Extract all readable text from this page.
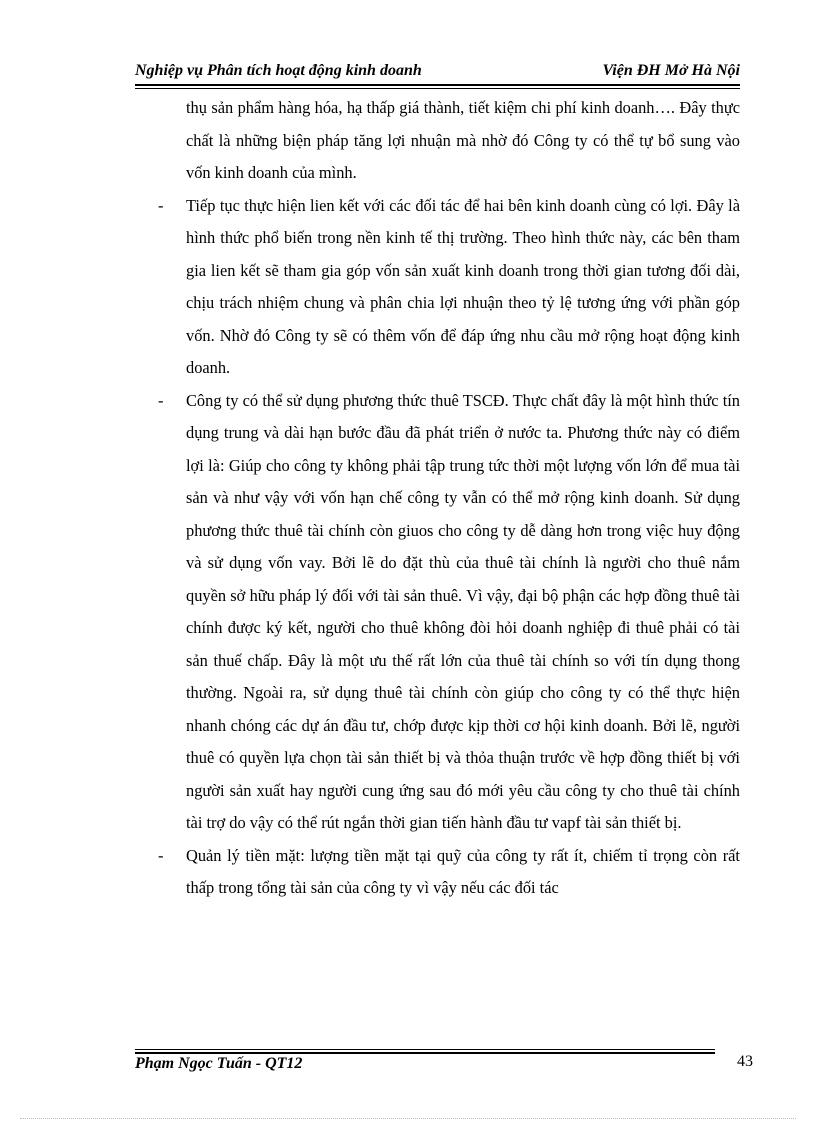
Nghiệp vụ Phân tích hoạt động kinh doanh	Viện ĐH Mở Hà Nội
thụ sản phẩm hàng hóa, hạ thấp giá thành, tiết kiệm chi phí kinh doanh…. Đây thực chất là những biện pháp tăng lợi nhuận mà nhờ đó Công ty có thể tự bổ sung vào vốn kinh doanh của mình.
-	Tiếp tục thực hiện lien kết với các đối tác để hai bên kinh doanh cùng có lợi. Đây là hình thức phổ biến trong nền kinh tế thị trường. Theo hình thức này, các bên tham gia lien kết sẽ tham gia góp vốn sản xuất kinh doanh trong thời gian tương đối dài, chịu trách nhiệm chung và phân chia lợi nhuận theo tỷ lệ tương ứng với phần góp vốn. Nhờ đó Công ty sẽ có thêm vốn để đáp ứng nhu cầu mở rộng hoạt động kinh doanh.
-	Công ty có thể sử dụng phương thức thuê TSCĐ. Thực chất đây là một hình thức tín dụng trung và dài hạn bước đầu đã phát triển ở nước ta. Phương thức này có điểm lợi là: Giúp cho công ty không phải tập trung tức thời một lượng vốn lớn để mua tài sản và như vậy với vốn hạn chế công ty vẫn có thể mở rộng kinh doanh. Sử dụng phương thức thuê tài chính còn giuos cho công ty dễ dàng hơn trong việc huy động và sử dụng vốn vay. Bởi lẽ do đặt thù của thuê tài chính là người cho thuê nắm quyền sở hữu pháp lý đối với tài sản thuê. Vì vậy, đại bộ phận các hợp đồng thuê tài chính được ký kết, người cho thuê không đòi hỏi doanh nghiệp đi thuê phải có tài sản thuế chấp. Đây là một ưu thế rất lớn của thuê tài chính so với tín dụng thong thường. Ngoài ra, sử dụng thuê tài chính còn giúp cho công ty có thể thực hiện nhanh chóng các dự án đầu tư, chớp được kịp thời cơ hội kinh doanh. Bởi lẽ, người thuê có quyền lựa chọn tài sản thiết bị và thỏa thuận trước về hợp đồng thiết bị với người sản xuất hay người cung ứng sau đó mới yêu cầu công ty cho thuê tài chính tài trợ do vậy có thể rút ngắn thời gian tiến hành đầu tư vapf tài sản thiết bị.
-	Quản lý tiền mặt: lượng tiền mặt tại quỹ của công ty rất ít, chiếm tỉ trọng còn rất thấp trong tổng tài sản của công ty vì vậy nếu các đối tác
Phạm Ngọc Tuấn - QT12	43
